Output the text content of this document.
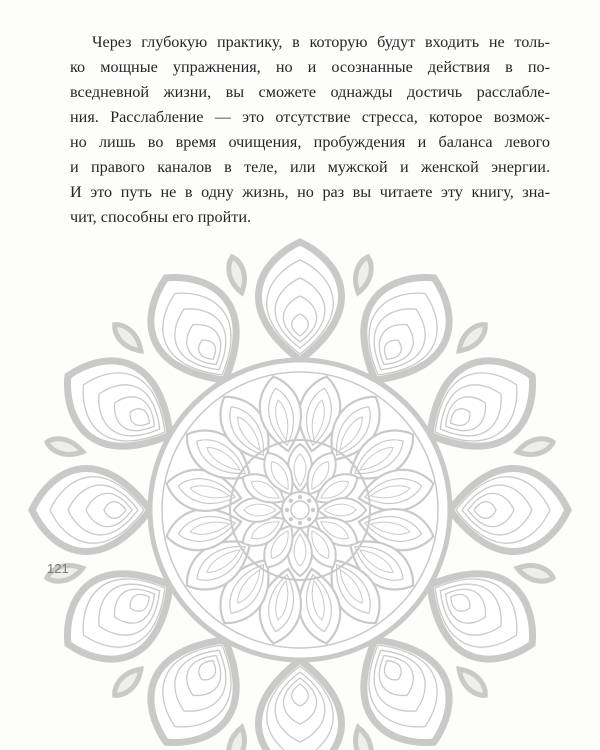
Через глубокую практику, в которую будут входить не толь-
ко мощные упражнения, но и осознанные действия в по-
вседневной жизни, вы сможете однажды достичь расслабле-
ния. Расслабление — это отсутствие стресса, которое возмож-
но лишь во время очищения, пробуждения и баланса левого
и правого каналов в теле, или мужской и женской энергии.
И это путь не в одну жизнь, но раз вы читаете эту книгу, зна-
чит, способны его пройти.
121
